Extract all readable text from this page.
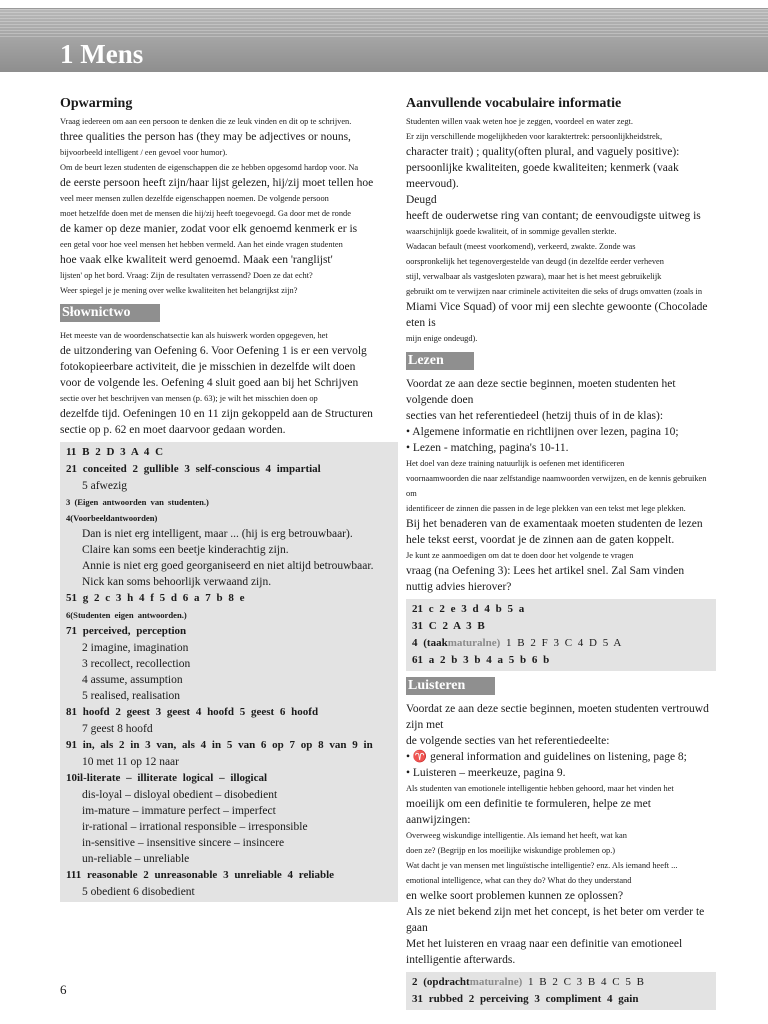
1 Mens
Opwarming

Vraag iedereen om aan een persoon te denken die ze leuk vinden en dit op te schrijven.

three qualities the person has (they may be adjectives or nouns,

bijvoorbeeld intelligent / een gevoel voor humor).

Om de beurt lezen studenten de eigenschappen die ze hebben opgesomd hardop voor. Na

de eerste persoon heeft zijn/haar lijst gelezen, hij/zij moet tellen hoe

veel meer mensen zullen dezelfde eigenschappen noemen. De volgende persoon

moet hetzelfde doen met de mensen die hij/zij heeft toegevoegd. Ga door met de ronde

de kamer op deze manier, zodat voor elk genoemd kenmerk er is

een getal voor hoe veel mensen het hebben vermeld. Aan het einde vragen studenten

hoe vaak elke kwaliteit werd genoemd. Maak een 'ranglijst'

lijsten' op het bord. Vraag: Zijn de resultaten verrassend? Doen ze dat echt?

Weer spiegel je je mening over welke kwaliteiten het belangrijkst zijn?

Słownictwo

Het meeste van de woordenschatsectie kan als huiswerk worden opgegeven, het

de uitzondering van Oefening 6. Voor Oefening 1 is er een vervolg

fotokopieerbare activiteit, die je misschien in dezelfde wilt doen

voor de volgende les. Oefening 4 sluit goed aan bij het Schrijven

sectie over het beschrijven van mensen (p. 63); je wilt het misschien doen op

dezelfde tijd. Oefeningen 10 en 11 zijn gekoppeld aan de Structuren

sectie op p. 62 en moet daarvoor gedaan worden.

11 B 2 D 3 A 4 C
21 conceited 2 gullible 3 self-conscious 4 impartial
5 afwezig
3 (Eigen antwoorden van studenten.)
4(Voorbeeldantwoorden)
Dan is niet erg intelligent, maar ... (hij is erg betrouwbaar).
Claire kan soms een beetje kinderachtig zijn.
Annie is niet erg goed georganiseerd en niet altijd betrouwbaar.
Nick kan soms behoorlijk verwaand zijn.
51 g 2 c 3 h 4 f 5 d 6 a 7 b 8 e
6(Studenten eigen antwoorden.)
71 perceived, perception
2 imagine, imagination
3 recollect, recollection
4 assume, assumption
5 realised, realisation
81 hoofd 2 geest 3 geest 4 hoofd 5 geest 6 hoofd
7 geest 8 hoofd
91 in, als 2 in 3 van, als 4 in 5 van 6 op 7 op 8 van 9 in
10 met 11 op 12 naar
10il-literate – illiterate logical – illogical
dis-loyal – disloyal obedient – disobedient
im-mature – immature perfect – imperfect
ir-rational – irrational responsible – irresponsible
in-sensitive – insensitive sincere – insincere
un-reliable – unreliable
111 reasonable 2 unreasonable 3 unreliable 4 reliable
5 obedient 6 disobedient
Aanvullende vocabulaire informatie

Studenten willen vaak weten hoe je zeggen, voordeel en water zegt.

Er zijn verschillende mogelijkheden voor karaktertrek: persoonlijkheidstrek,

character trait) ; quality(often plural, and vaguely positive):

persoonlijke kwaliteiten, goede kwaliteiten; kenmerk (vaak meervoud).

Deugd

heeft de ouderwetse ring van contant; de eenvoudigste uitweg is

waarschijnlijk goede kwaliteit, of in sommige gevallen sterkte.

Wadacan befault (meest voorkomend), verkeerd, zwakte. Zonde was

oorspronkelijk het tegenovergestelde van deugd (in dezelfde eerder verheven

stijl, verwalbaar als vastgesloten pzwara), maar het is het meest gebruikelijk

gebruikt om te verwijzen naar criminele activiteiten die seks of drugs omvatten (zoals in

Miami Vice Squad) of voor mij een slechte gewoonte (Chocolade eten is

mijn enige ondeugd).

Lezen

Voordat ze aan deze sectie beginnen, moeten studenten het volgende doen

secties van het referentiedeel (hetzij thuis of in de klas):

• Algemene informatie en richtlijnen over lezen, pagina 10;

• Lezen - matching, pagina's 10-11.

Het doel van deze training natuurlijk is oefenen met identificeren

voornaamwoorden die naar zelfstandige naamwoorden verwijzen, en de kennis gebruiken om

identificeer de zinnen die passen in de lege plekken van een tekst met lege plekken.

Bij het benaderen van de examentaak moeten studenten de lezen

hele tekst eerst, voordat je de zinnen aan de gaten koppelt.

Je kunt ze aanmoedigen om dat te doen door het volgende te vragen

vraag (na Oefening 3): Lees het artikel snel. Zal Sam vinden

nuttig advies hierover?

21 c 2 e 3 d 4 b 5 a
31 C 2 A 3 B
4 (taakmaturalne) 1 B 2 F 3 C 4 D 5 A
61 a 2 b 3 b 4 a 5 b 6 b
Luisteren

Voordat ze aan deze sectie beginnen, moeten studenten vertrouwd zijn met

de volgende secties van het referentiedeelte:

• ♈ general information and guidelines on listening, page 8;

• Luisteren – meerkeuze, pagina 9.

Als studenten van emotionele intelligentie hebben gehoord, maar het vinden het

moeilijk om een definitie te formuleren, helpe ze met aanwijzingen:

Overweeg wiskundige intelligentie. Als iemand het heeft, wat kan

doen ze? (Begrijp en los moeilijke wiskundige problemen op.)

Wat dacht je van mensen met linguïstische intelligentie? enz. Als iemand heeft ...

emotional intelligence, what can they do? What do they understand

en welke soort problemen kunnen ze oplossen?

Als ze niet bekend zijn met het concept, is het beter om verder te gaan

Met het luisteren en vraag naar een definitie van emotioneel

intelligentie afterwards.

2 (opdrachtmaturalne) 1 B 2 C 3 B 4 C 5 B
31 rubbed 2 perceiving 3 compliment 4 gain

6
